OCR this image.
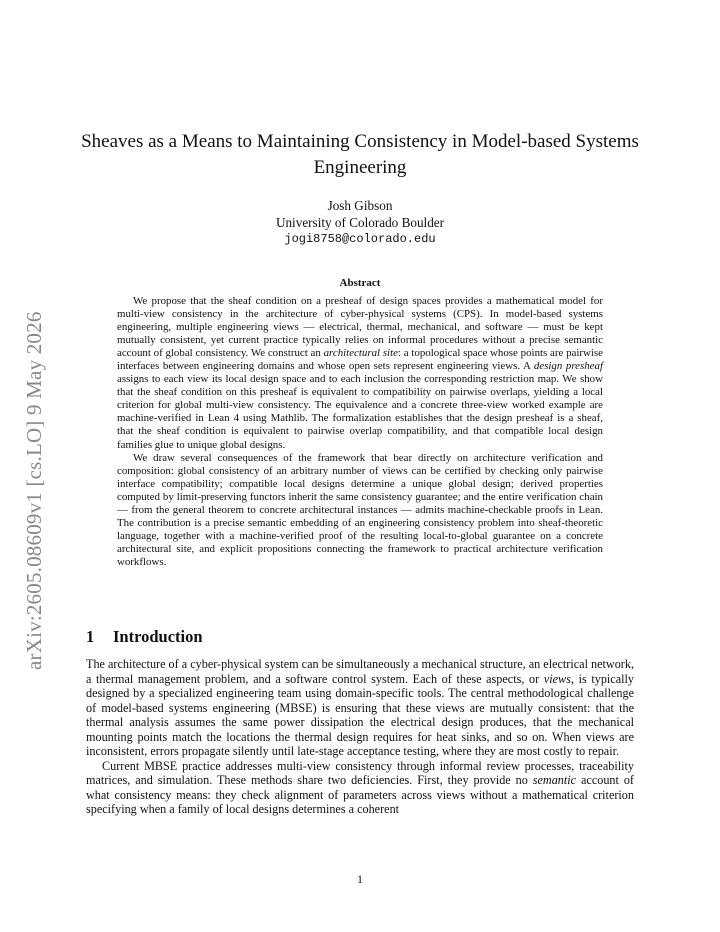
arXiv:2605.08609v1 [cs.LO] 9 May 2026
Sheaves as a Means to Maintaining Consistency in Model-based Systems Engineering
Josh Gibson
University of Colorado Boulder
jogi8758@colorado.edu
Abstract

We propose that the sheaf condition on a presheaf of design spaces provides a mathematical model for multi-view consistency in the architecture of cyber-physical systems (CPS). In model-based systems engineering, multiple engineering views — electrical, thermal, mechanical, and software — must be kept mutually consistent, yet current practice typically relies on informal procedures without a precise semantic account of global consistency. We construct an architectural site: a topological space whose points are pairwise interfaces between engineering domains and whose open sets represent engineering views. A design presheaf assigns to each view its local design space and to each inclusion the corresponding restriction map. We show that the sheaf condition on this presheaf is equivalent to compatibility on pairwise overlaps, yielding a local criterion for global multi-view consistency. The equivalence and a concrete three-view worked example are machine-verified in Lean 4 using Mathlib. The formalization establishes that the design presheaf is a sheaf, that the sheaf condition is equivalent to pairwise overlap compatibility, and that compatible local design families glue to unique global designs.

We draw several consequences of the framework that bear directly on architecture verification and composition: global consistency of an arbitrary number of views can be certified by checking only pairwise interface compatibility; compatible local designs determine a unique global design; derived properties computed by limit-preserving functors inherit the same consistency guarantee; and the entire verification chain — from the general theorem to concrete architectural instances — admits machine-checkable proofs in Lean. The contribution is a precise semantic embedding of an engineering consistency problem into sheaf-theoretic language, together with a machine-verified proof of the resulting local-to-global guarantee on a concrete architectural site, and explicit propositions connecting the framework to practical architecture verification workflows.

1 Introduction

The architecture of a cyber-physical system can be simultaneously a mechanical structure, an electrical network, a thermal management problem, and a software control system. Each of these aspects, or views, is typically designed by a specialized engineering team using domain-specific tools. The central methodological challenge of model-based systems engineering (MBSE) is ensuring that these views are mutually consistent: that the thermal analysis assumes the same power dissipation the electrical design produces, that the mechanical mounting points match the locations the thermal design requires for heat sinks, and so on. When views are inconsistent, errors propagate silently until late-stage acceptance testing, where they are most costly to repair.

Current MBSE practice addresses multi-view consistency through informal review processes, traceability matrices, and simulation. These methods share two deficiencies. First, they provide no semantic account of what consistency means: they check alignment of parameters across views without a mathematical criterion specifying when a family of local designs determines a coherent

1
